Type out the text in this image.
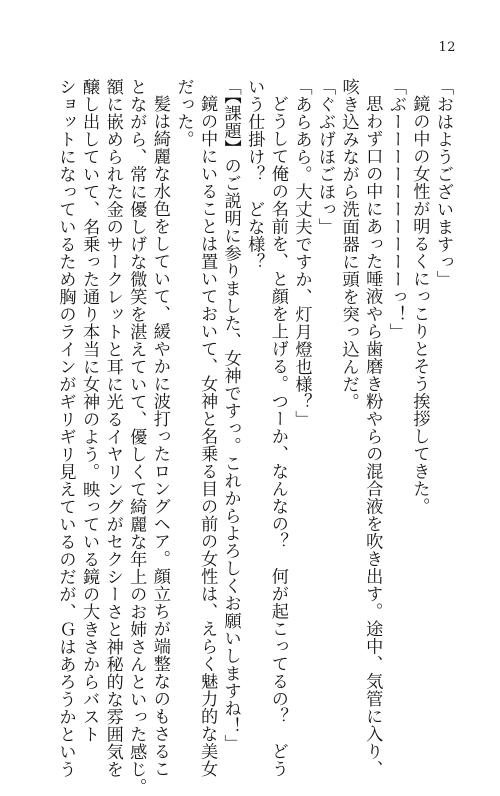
12

「おはようございますっ」

鏡の中の女性が明るくにっこりとそう挨拶してきた。

「ぶーーーーーーーーーーっ！」

思わず口の中にあった唾液やら歯磨き粉やらの混合液を吹き出す。途中、気管に入り、

咳き込みながら洗面器に頭を突っ込んだ。

「ぐぶげほごほっ」

「あらあら。大丈夫ですか、灯月燈也様？」

どうして俺の名前を、と顔を上げる。つーか、なんなの？　何が起こってるの？　どう

いう仕掛け？　どな様？

「【課題】のご説明に参りました、女神ですっ。これからよろしくお願いしますね！」

鏡の中にいることは置いておいて、女神と名乗る目の前の女性は、えらく魅力的な美女

だった。

髪は綺麗な水色をしていて、緩やかに波打ったロングヘア。顔立ちが端整なのもさるこ

とながら、常に優しげな微笑を湛えていて、優しくて綺麗な年上のお姉さんといった感じ。

額に嵌められた金のサークレットと耳に光るイヤリングがセクシーさと神秘的な雰囲気を

醸し出していて、名乗った通り本当に女神のよう。映っている鏡の大きさからバスト

ショットになっているため胸のラインがギリギリ見えているのだが、Ｇはあろうかという
